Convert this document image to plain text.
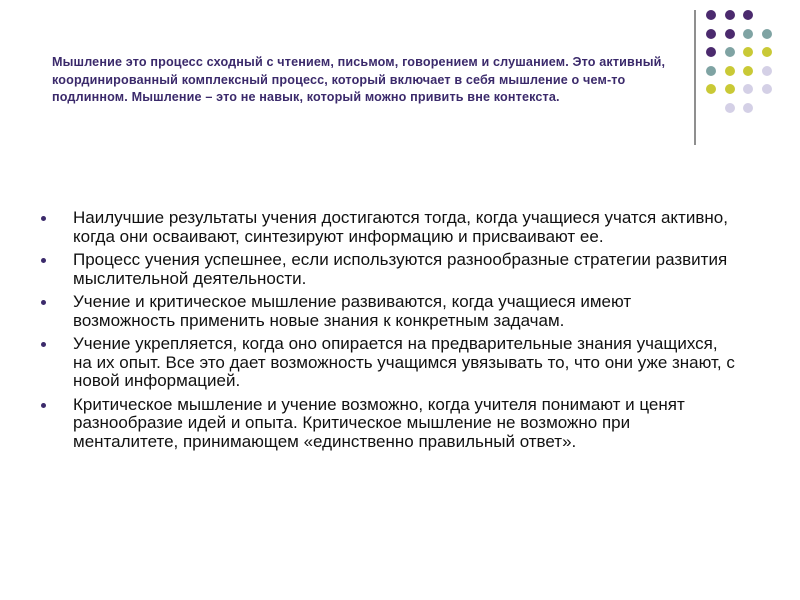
Мышление это процесс сходный с чтением, письмом, говорением и слушанием. Это активный, координированный комплексный процесс, который включает в себя мышление о чем-то подлинном. Мышление – это не навык, который можно привить вне контекста.
Наилучшие результаты учения достигаются тогда, когда учащиеся учатся активно, когда они осваивают, синтезируют информацию и присваивают ее.
Процесс учения успешнее, если используются разнообразные стратегии развития мыслительной деятельности.
Учение и критическое мышление развиваются, когда учащиеся имеют возможность применить новые знания к конкретным задачам.
Учение укрепляется, когда оно опирается на предварительные знания учащихся, на их опыт. Все это дает возможность учащимся увязывать то, что они уже знают, с новой информацией.
Критическое мышление и учение возможно, когда учителя понимают и ценят разнообразие идей и опыта. Критическое мышление не возможно при менталитете, принимающем «единственно правильный ответ».
